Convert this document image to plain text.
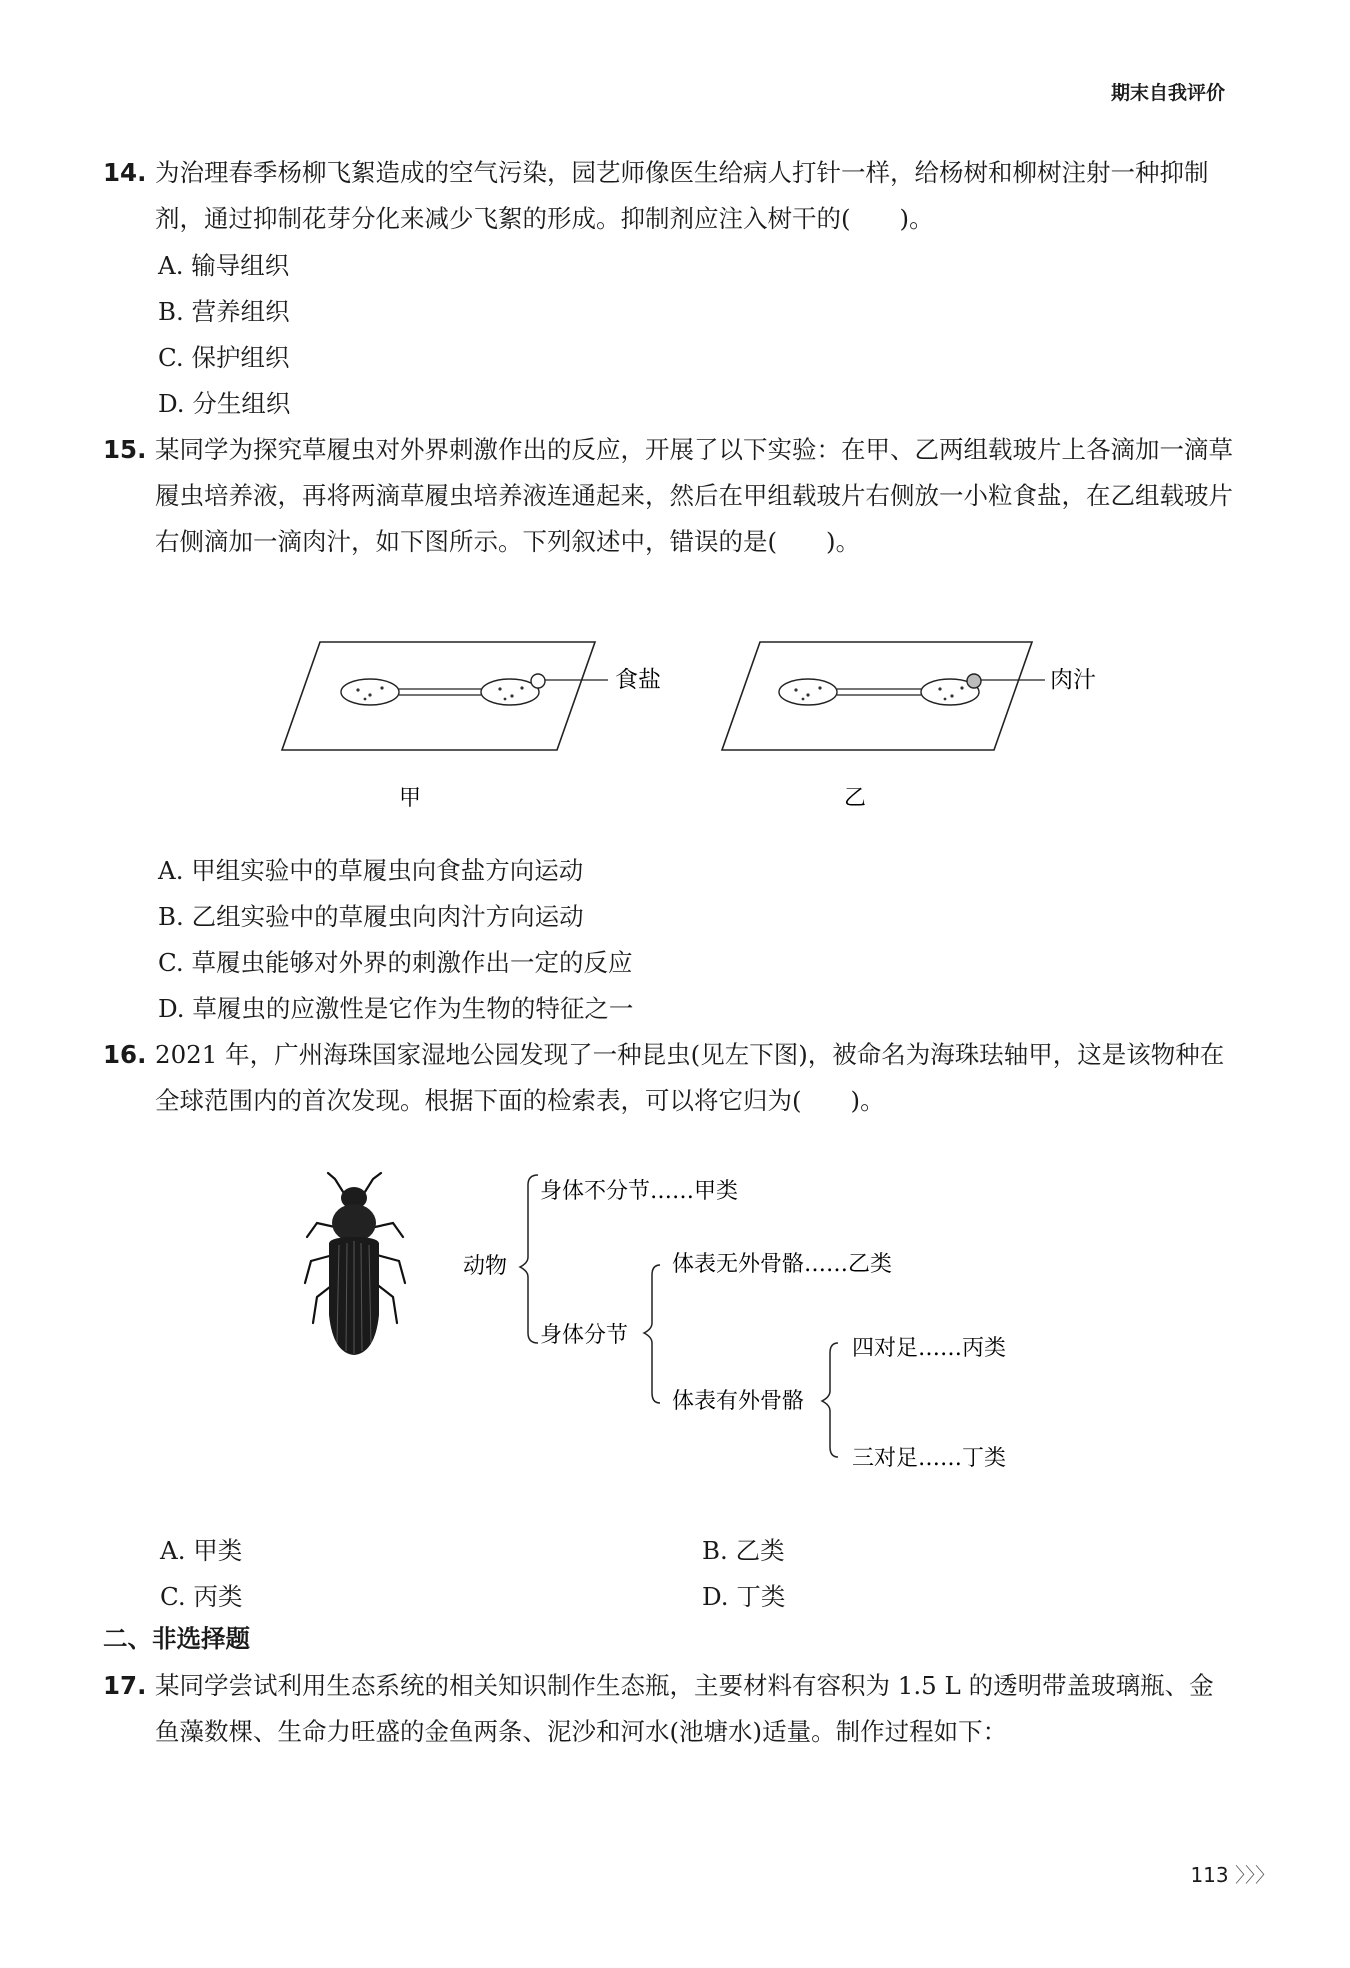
期末自我评价
14. 为治理春季杨柳飞絮造成的空气污染，园艺师像医生给病人打针一样，给杨树和柳树注射一种抑制剂，通过抑制花芽分化来减少飞絮的形成。抑制剂应注入树干的(　　)。
A. 输导组织
B. 营养组织
C. 保护组织
D. 分生组织
15. 某同学为探究草履虫对外界刺激作出的反应，开展了以下实验：在甲、乙两组载玻片上各滴加一滴草履虫培养液，再将两滴草履虫培养液连通起来，然后在甲组载玻片右侧放一小粒食盐，在乙组载玻片右侧滴加一滴肉汁，如下图所示。下列叙述中，错误的是(　　)。
食盐
甲
肉汁
乙
A. 甲组实验中的草履虫向食盐方向运动
B. 乙组实验中的草履虫向肉汁方向运动
C. 草履虫能够对外界的刺激作出一定的反应
D. 草履虫的应激性是它作为生物的特征之一
16. 2021 年，广州海珠国家湿地公园发现了一种昆虫(见左下图)，被命名为海珠珐轴甲，这是该物种在全球范围内的首次发现。根据下面的检索表，可以将它归为(　　)。
动物
身体不分节……甲类
身体分节
体表无外骨骼……乙类
体表有外骨骼
四对足……丙类
三对足……丁类
A. 甲类	B. 乙类
C. 丙类	D. 丁类
二、非选择题
17. 某同学尝试利用生态系统的相关知识制作生态瓶，主要材料有容积为 1.5 L 的透明带盖玻璃瓶、金鱼藻数棵、生命力旺盛的金鱼两条、泥沙和河水(池塘水)适量。制作过程如下：
113 〉〉〉
